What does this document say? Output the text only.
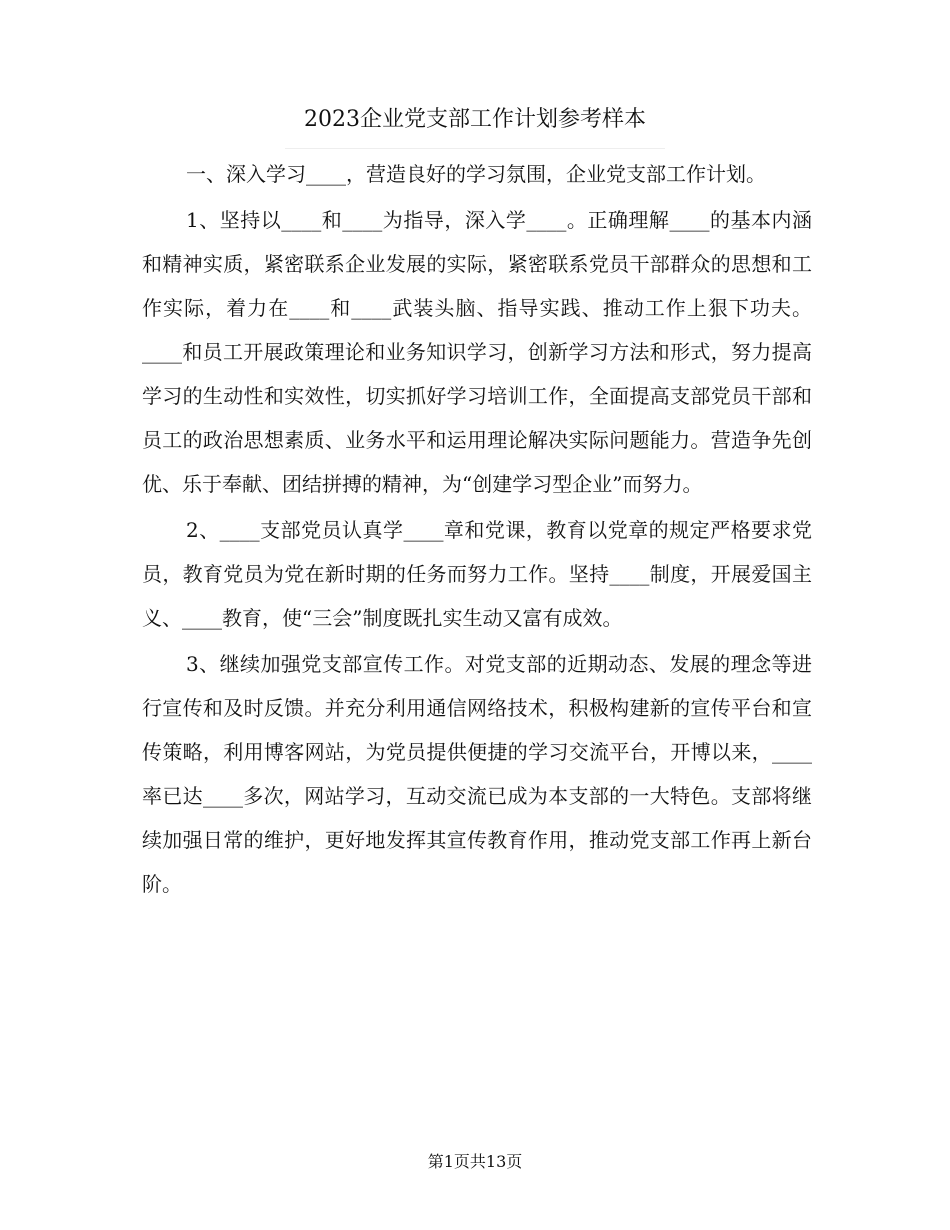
2023企业党支部工作计划参考样本

一、深入学习____，营造良好的学习氛围，企业党支部工作计划。

1、坚持以____和____为指导，深入学____。正确理解____的基本内涵和精神实质，紧密联系企业发展的实际，紧密联系党员干部群众的思想和工作实际，着力在____和____武装头脑、指导实践、推动工作上狠下功夫。____和员工开展政策理论和业务知识学习，创新学习方法和形式，努力提高学习的生动性和实效性，切实抓好学习培训工作，全面提高支部党员干部和员工的政治思想素质、业务水平和运用理论解决实际问题能力。营造争先创优、乐于奉献、团结拼搏的精神，为“创建学习型企业”而努力。

2、____支部党员认真学____章和党课，教育以党章的规定严格要求党员，教育党员为党在新时期的任务而努力工作。坚持____制度，开展爱国主义、____教育，使“三会”制度既扎实生动又富有成效。

3、继续加强党支部宣传工作。对党支部的近期动态、发展的理念等进行宣传和及时反馈。并充分利用通信网络技术，积极构建新的宣传平台和宣传策略，利用博客网站，为党员提供便捷的学习交流平台，开博以来，____率已达____多次，网站学习，互动交流已成为本支部的一大特色。支部将继续加强日常的维护，更好地发挥其宣传教育作用，推动党支部工作再上新台阶。

第1页共13页
